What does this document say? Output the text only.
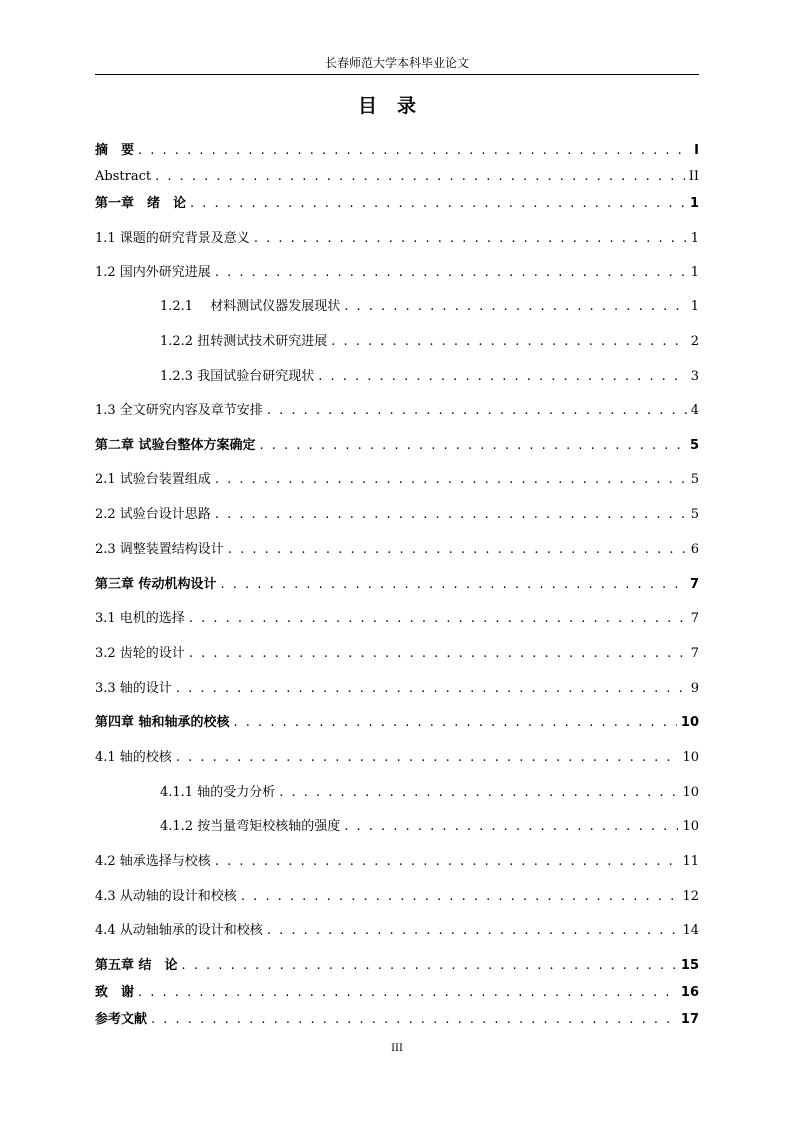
长春师范大学本科毕业论文
目录
摘　要 . . .	I
Abstract . . .	II
第一章　绪　论 . . .	1
1.1 课题的研究背景及意义 . . .	1
1.2 国内外研究进展 . . .	1
1.2.1　 材料测试仪器发展现状 . . .	1
1.2.2 扭转测试技术研究进展 . . .	2
1.2.3 我国试验台研究现状 . . .	3
1.3 全文研究内容及章节安排 . . .	4
第二章 试验台整体方案确定 . . .	5
2.1 试验台装置组成 . . .	5
2.2 试验台设计思路 . . .	5
2.3 调整装置结构设计 . . .	6
第三章 传动机构设计 . . .	7
3.1 电机的选择 . . .	7
3.2 齿轮的设计 . . .	7
3.3 轴的设计 . . .	9
第四章 轴和轴承的校核 . . .	10
4.1 轴的校核 . . .	10
4.1.1 轴的受力分析 . . .	10
4.1.2 按当量弯矩校核轴的强度 . . .	10
4.2 轴承选择与校核 . . .	11
4.3 从动轴的设计和校核 . . .	12
4.4 从动轴轴承的设计和校核 . . .	14
第五章 结　论 . . .	15
致　谢 . . .	16
参考文献 . . .	17
III
